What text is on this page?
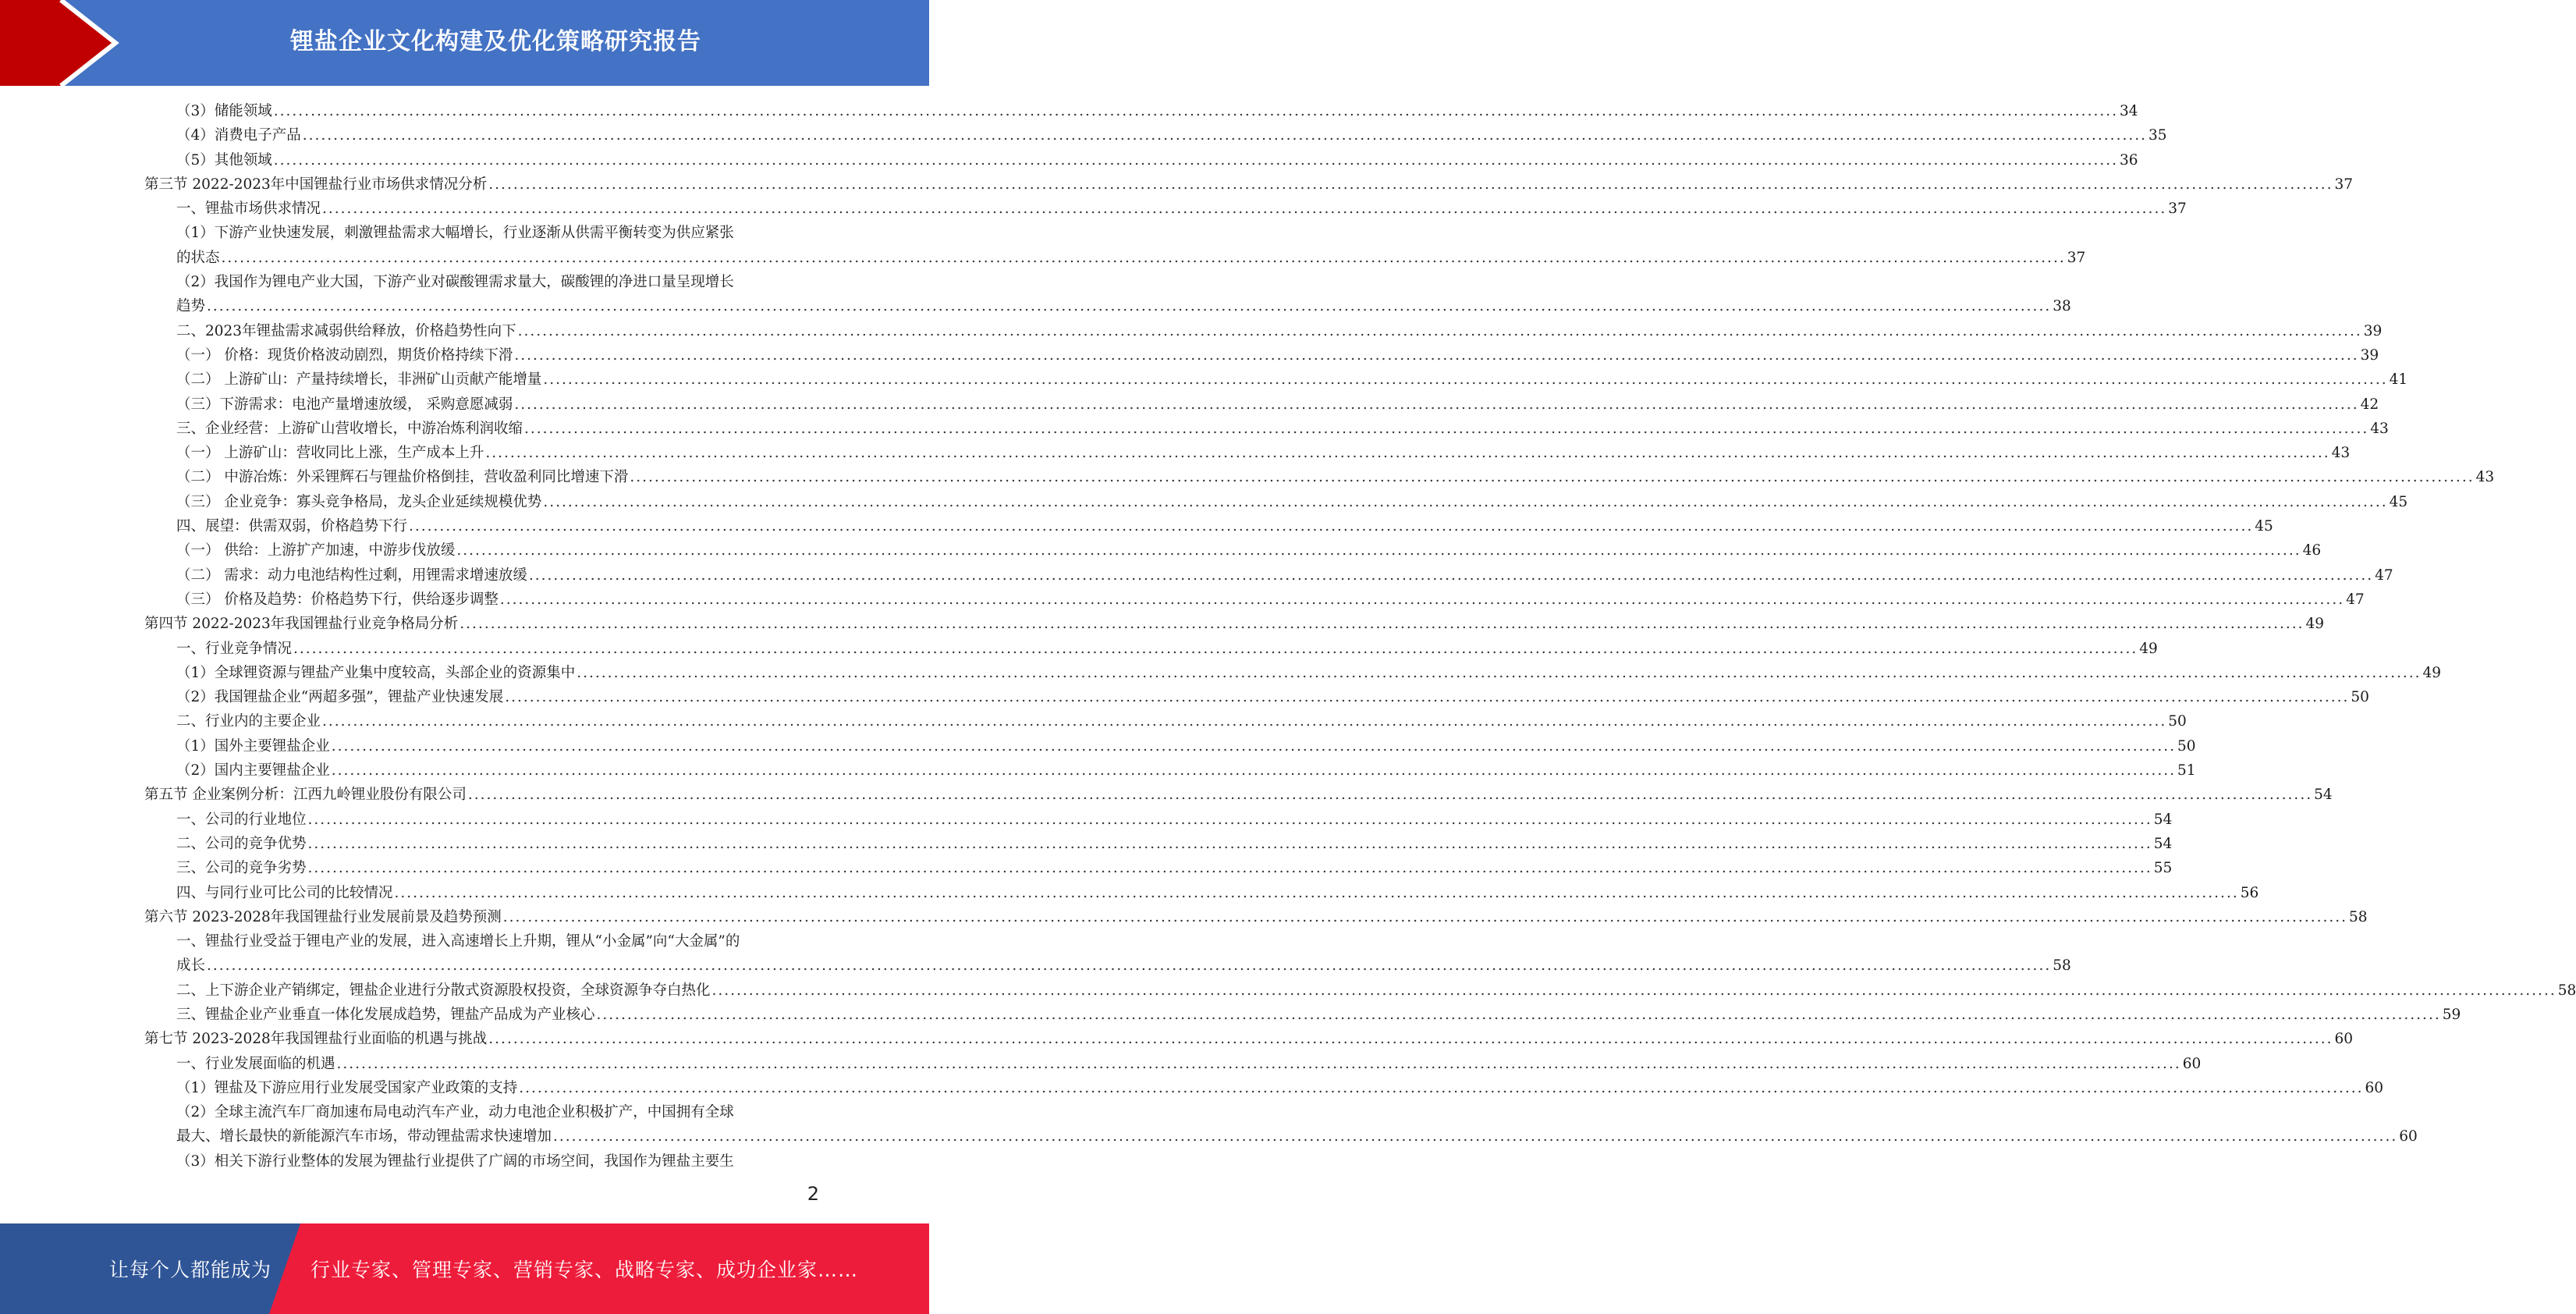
锂盐企业文化构建及优化策略研究报告
（3）储能领域 ............................................................................................................................................................................................................................................................................................................ 34
（4）消费电子产品 ............................................................................................................................................................................................................................................................................................................ 35
（5）其他领域 ............................................................................................................................................................................................................................................................................................................ 36
第三节 2022-2023年中国锂盐行业市场供求情况分析 ............................................................................................................................................................................................................................................................................................................ 37
一、锂盐市场供求情况 ............................................................................................................................................................................................................................................................................................................ 37
（1）下游产业快速发展，刺激锂盐需求大幅增长，行业逐渐从供需平衡转变为供应紧张
的状态 ............................................................................................................................................................................................................................................................................................................ 37
（2）我国作为锂电产业大国，下游产业对碳酸锂需求量大，碳酸锂的净进口量呈现增长
趋势 ............................................................................................................................................................................................................................................................................................................ 38
二、2023年锂盐需求减弱供给释放，价格趋势性向下 ............................................................................................................................................................................................................................................................................................................ 39
（一） 价格：现货价格波动剧烈，期货价格持续下滑 ............................................................................................................................................................................................................................................................................................................ 39
（二） 上游矿山：产量持续增长，非洲矿山贡献产能增量 ............................................................................................................................................................................................................................................................................................................ 41
（三）下游需求：电池产量增速放缓， 采购意愿减弱 ............................................................................................................................................................................................................................................................................................................ 42
三、企业经营：上游矿山营收增长，中游冶炼利润收缩 ............................................................................................................................................................................................................................................................................................................ 43
（一） 上游矿山：营收同比上涨，生产成本上升 ............................................................................................................................................................................................................................................................................................................ 43
（二） 中游冶炼：外采锂辉石与锂盐价格倒挂，营收盈利同比增速下滑 ............................................................................................................................................................................................................................................................................................................ 43
（三） 企业竞争：寡头竞争格局，龙头企业延续规模优势 ............................................................................................................................................................................................................................................................................................................ 45
四、展望：供需双弱，价格趋势下行 ............................................................................................................................................................................................................................................................................................................ 45
（一） 供给：上游扩产加速，中游步伐放缓 ............................................................................................................................................................................................................................................................................................................ 46
（二） 需求：动力电池结构性过剩，用锂需求增速放缓 ............................................................................................................................................................................................................................................................................................................ 47
（三） 价格及趋势：价格趋势下行，供给逐步调整 ............................................................................................................................................................................................................................................................................................................ 47
第四节 2022-2023年我国锂盐行业竞争格局分析 ............................................................................................................................................................................................................................................................................................................ 49
一、行业竞争情况 ............................................................................................................................................................................................................................................................................................................ 49
（1）全球锂资源与锂盐产业集中度较高，头部企业的资源集中 ............................................................................................................................................................................................................................................................................................................ 49
（2）我国锂盐企业“两超多强”，锂盐产业快速发展 ............................................................................................................................................................................................................................................................................................................ 50
二、行业内的主要企业 ............................................................................................................................................................................................................................................................................................................ 50
（1）国外主要锂盐企业 ............................................................................................................................................................................................................................................................................................................ 50
（2）国内主要锂盐企业 ............................................................................................................................................................................................................................................................................................................ 51
第五节 企业案例分析：江西九岭锂业股份有限公司 ............................................................................................................................................................................................................................................................................................................ 54
一、公司的行业地位 ............................................................................................................................................................................................................................................................................................................ 54
二、公司的竞争优势 ............................................................................................................................................................................................................................................................................................................ 54
三、公司的竞争劣势 ............................................................................................................................................................................................................................................................................................................ 55
四、与同行业可比公司的比较情况 ............................................................................................................................................................................................................................................................................................................ 56
第六节 2023-2028年我国锂盐行业发展前景及趋势预测 ............................................................................................................................................................................................................................................................................................................ 58
一、锂盐行业受益于锂电产业的发展，进入高速增长上升期，锂从“小金属”向“大金属”的
成长 ............................................................................................................................................................................................................................................................................................................ 58
二、上下游企业产销绑定，锂盐企业进行分散式资源股权投资，全球资源争夺白热化 ............................................................................................................................................................................................................................................................................................................ 58
三、锂盐企业产业垂直一体化发展成趋势，锂盐产品成为产业核心 ............................................................................................................................................................................................................................................................................................................ 59
第七节 2023-2028年我国锂盐行业面临的机遇与挑战 ............................................................................................................................................................................................................................................................................................................ 60
一、行业发展面临的机遇 ............................................................................................................................................................................................................................................................................................................ 60
（1）锂盐及下游应用行业发展受国家产业政策的支持 ............................................................................................................................................................................................................................................................................................................ 60
（2）全球主流汽车厂商加速布局电动汽车产业，动力电池企业积极扩产，中国拥有全球
最大、增长最快的新能源汽车市场，带动锂盐需求快速增加 ............................................................................................................................................................................................................................................................................................................ 60
（3）相关下游行业整体的发展为锂盐行业提供了广阔的市场空间，我国作为锂盐主要生
2
让每个人都能成为 行业专家、管理专家、营销专家、战略专家、成功企业家……
